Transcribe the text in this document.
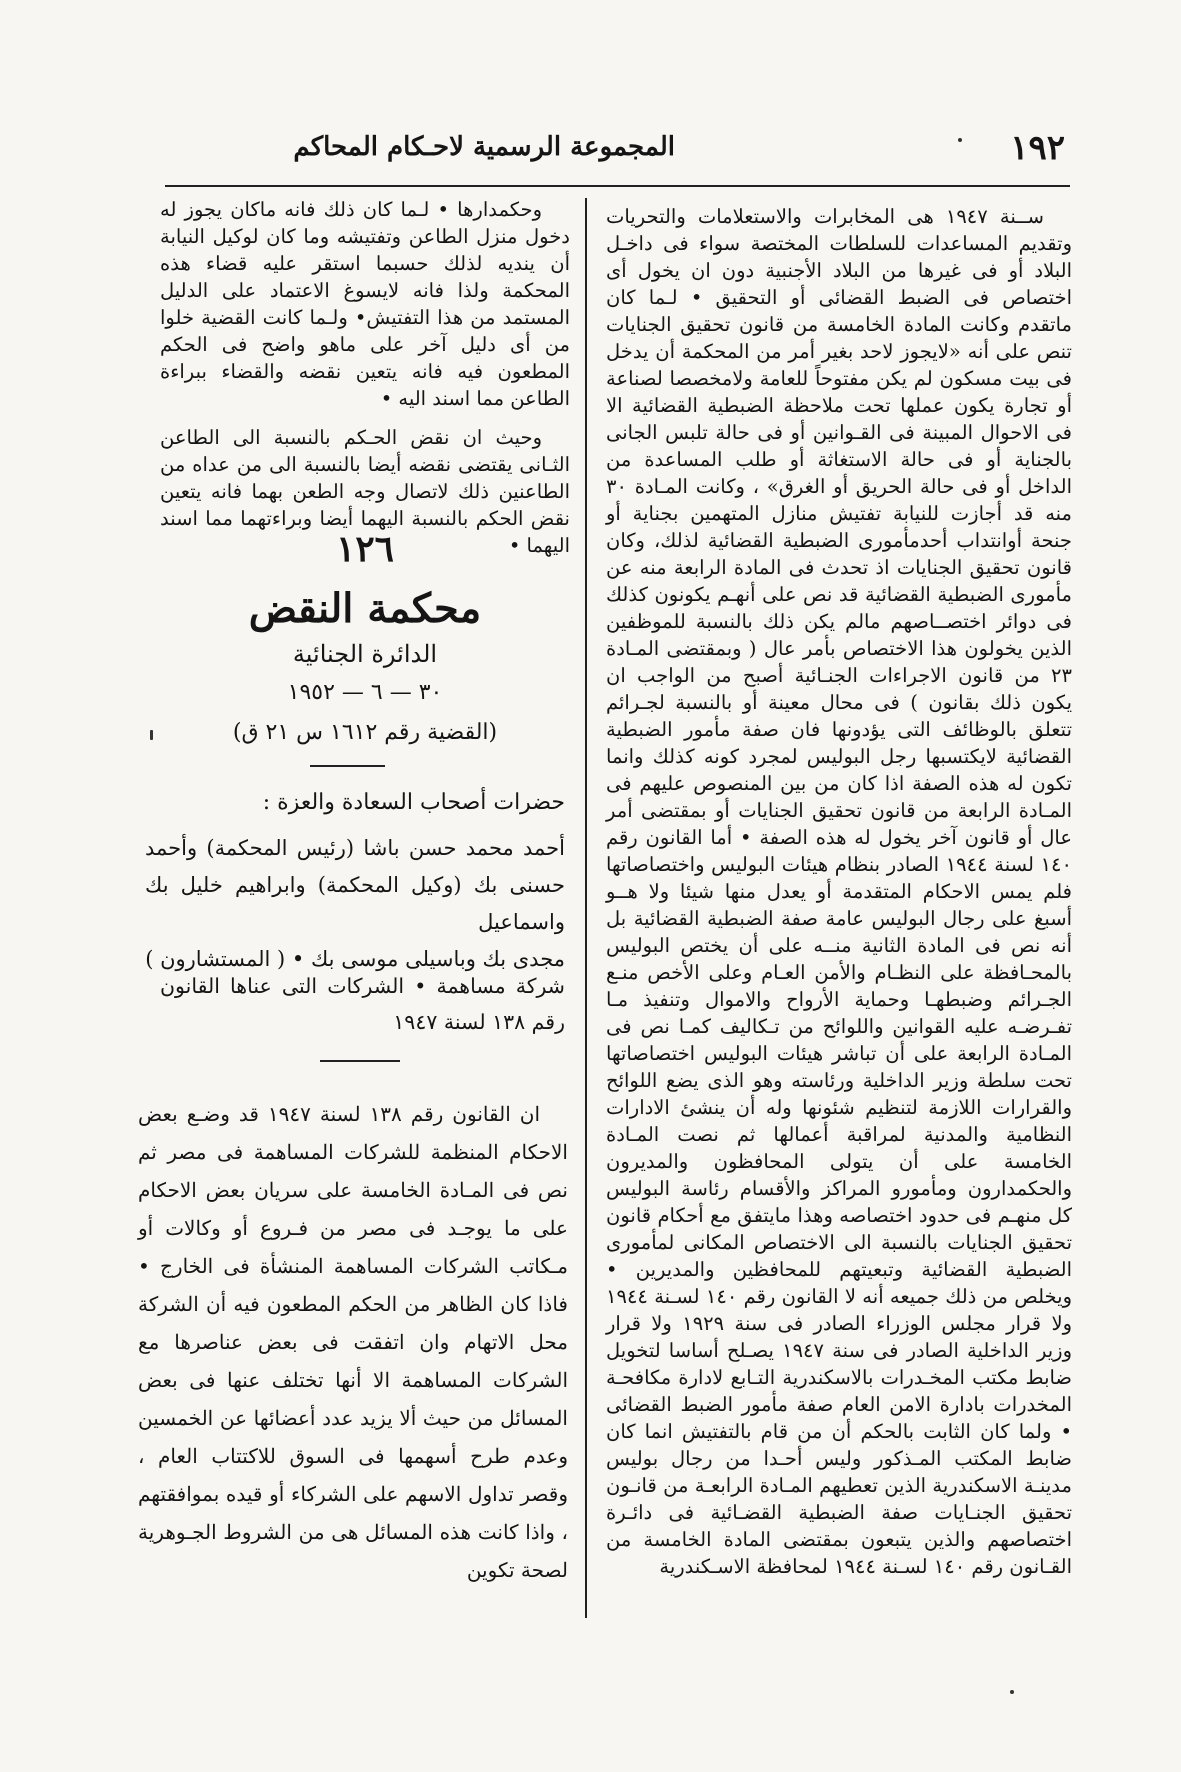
١٩٢
المجموعة الرسمية لاحـكام المحاكم

ســنة ١٩٤٧ هى المخابرات والاستعلامات والتحريات وتقديم المساعدات للسلطات المختصة سواء فى داخـل البلاد أو فى غيرها من البلاد الأجنبية دون ان يخول أى اختصاص فى الضبط القضائى أو التحقيق • لـما كان ماتقدم وكانت المادة الخامسة من قانون تحقيق الجنايات تنص على أنه «لايجوز لاحد بغير أمر من المحكمة أن يدخل فى بيت مسكون لم يكن مفتوحاً للعامة ولامخصصا لصناعة أو تجارة يكون عملها تحت ملاحظة الضبطية القضائية الا فى الاحوال المبينة فى القـوانين أو فى حالة تلبس الجانى بالجناية أو فى حالة الاستغاثة أو طلب المساعدة من الداخل أو فى حالة الحريق أو الغرق» ، وكانت المـادة ٣٠ منه قد أجازت للنيابة تفتيش منازل المتهمين بجناية أو جنحة أوانتداب أحدمأمورى الضبطية القضائية لذلك، وكان قانون تحقيق الجنايات اذ تحدث فى المادة الرابعة منه عن مأمورى الضبطية القضائية قد نص على أنهـم يكونون كذلك فى دوائر اختصــاصهم مالم يكن ذلك بالنسبة للموظفين الذين يخولون هذا الاختصاص بأمر عال ( وبمقتضى المـادة ٢٣ من قانون الاجراءات الجنـائية أصبح من الواجب ان يكون ذلك بقانون ) فى محال معينة أو بالنسبة لجـرائم تتعلق بالوظائف التى يؤدونها فان صفة مأمور الضبطية القضائية لايكتسبها رجل البوليس لمجرد كونه كذلك وانما تكون له هذه الصفة اذا كان من بين المنصوص عليهم فى المـادة الرابعة من قانون تحقيق الجنايات أو بمقتضى أمر عال أو قانون آخر يخول له هذه الصفة • أما القانون رقم ١٤٠ لسنة ١٩٤٤ الصادر بنظام هيئات البوليس واختصاصاتها فلم يمس الاحكام المتقدمة أو يعدل منها شيئا ولا هــو أسبغ على رجال البوليس عامة صفة الضبطية القضائية بل أنه نص فى المادة الثانية منــه على أن يختص البوليس بالمحـافظة على النظـام والأمن العـام وعلى الأخص منـع الجـرائم وضبطهـا وحماية الأرواح والاموال وتنفيذ مـا تفـرضـه عليه القوانين واللوائح من تـكاليف كمـا نص فى المـادة الرابعة على أن تباشر هيئات البوليس اختصاصاتها تحت سلطة وزير الداخلية ورئاسته وهو الذى يضع اللوائح والقرارات اللازمة لتنظيم شئونها وله أن ينشئ الادارات النظامية والمدنية لمراقبة أعمالها ثم نصت المـادة الخامسة على أن يتولى المحافظون والمديرون والحكمدارون ومأمورو المراكز والأقسام رئاسة البوليس كل منهـم فى حدود اختصاصه وهذا مايتفق مع أحكام قانون تحقيق الجنايات بالنسبة الى الاختصاص المكانى لمأمورى الضبطية القضائية وتبعيتهم للمحافظين والمديرين • ويخلص من ذلك جميعه أنه لا القانون رقم ١٤٠ لسـنة ١٩٤٤ ولا قرار مجلس الوزراء الصادر فى سنة ١٩٢٩ ولا قرار وزير الداخلية الصادر فى سنة ١٩٤٧ يصـلح أساسا لتخويل ضابط مكتب المخـدرات بالاسكندرية التـابع لادارة مكافحـة المخدرات بادارة الامن العام صفة مأمور الضبط القضائى • ولما كان الثابت بالحكم أن من قام بالتفتيش انما كان ضابط المكتب المـذكور وليس أحـدا من رجال بوليس مدينـة الاسكندرية الذين تعطيهم المـادة الرابعـة من قانـون تحقيق الجنـايات صفة الضبطية القضـائية فى دائـرة اختصاصهم والذين يتبعون بمقتضى المادة الخامسة من القـانون رقم ١٤٠ لسـنة ١٩٤٤ لمحافظة الاسـكندرية

وحكمدارها • لـما كان ذلك فانه ماكان يجوز له دخول منزل الطاعن وتفتيشه وما كان لوكيل النيابة أن ينديه لذلك حسبما استقر عليه قضاء هذه المحكمة ولذا فانه لايسوغ الاعتماد على الدليل المستمد من هذا التفتيش• ولـما كانت القضية خلوا من أى دليل آخر على ماهو واضح فى الحكم المطعون فيه فانه يتعين نقضه والقضاء ببراءة الطاعن مما اسند اليه •

وحيث ان نقض الحـكم بالنسبة الى الطاعن الثـانى يقتضى نقضه أيضا بالنسبة الى من عداه من الطاعنين ذلك لاتصال وجه الطعن بهما فانه يتعين نقض الحكم بالنسبة اليهما أيضا وبراءتهما مما اسند اليهما •

١٢٦
محكمة النقض
الدائرة الجنائية
٣٠ — ٦ — ١٩٥٢
(القضية رقم ١٦١٢ س ٢١ ق)
حضرات أصحاب السعادة والعزة :
أحمد محمد حسن باشا (رئيس المحكمة) وأحمد
حسنى بك (وكيل المحكمة) وابراهيم خليل بك واسماعيل
مجدى بك وباسيلى موسى بك • ( المستشارون )
شركة مساهمة • الشركات التى عناها القانون رقم ١٣٨ لسنة ١٩٤٧

ان القانون رقم ١٣٨ لسنة ١٩٤٧ قد وضـع بعض الاحكام المنظمة للشركات المساهمة فى مصر ثم نص فى المـادة الخامسة على سريان بعض الاحكام على ما يوجـد فى مصر من فـروع أو وكالات أو مـكاتب الشركات المساهمة المنشأة فى الخارج • فاذا كان الظاهر من الحكم المطعون فيه أن الشركة محل الاتهام وان اتفقت فى بعض عناصرها مع الشركات المساهمة الا أنها تختلف عنها فى بعض المسائل من حيث ألا يزيد عدد أعضائها عن الخمسين وعدم طرح أسهمها فى السوق للاكتتاب العام ، وقصر تداول الاسهم على الشركاء أو قيده بموافقتهم ، واذا كانت هذه المسائل هى من الشروط الجـوهرية لصحة تكوين
